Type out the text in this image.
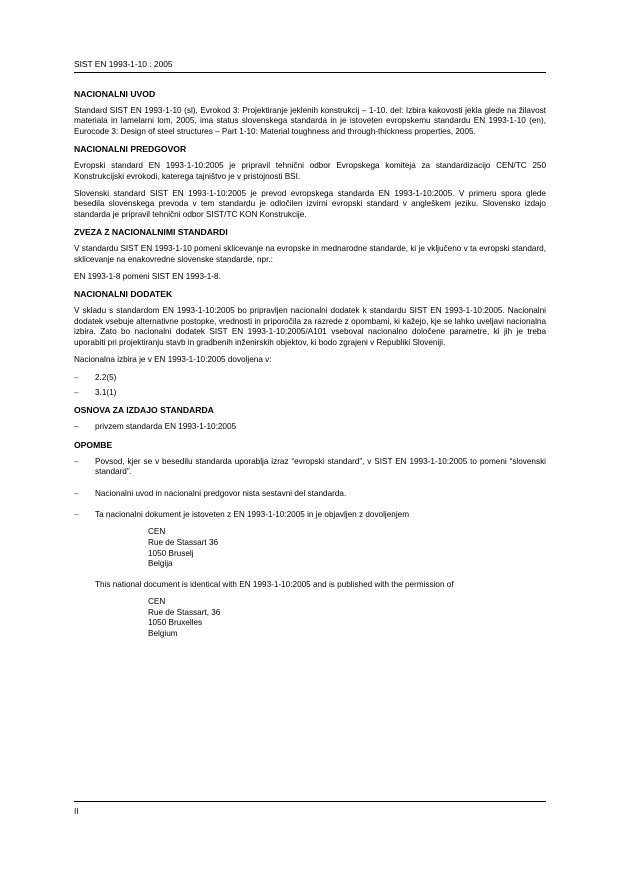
SIST EN 1993-1-10 : 2005
NACIONALNI UVOD

Standard SIST EN 1993-1-10 (sl), Evrokod 3: Projektiranje jeklenih konstrukcij – 1-10. del: Izbira kakovosti jekla glede na žilavost materiala in lamelarni lom, 2005, ima status slovenskega standarda in je istoveten evropskemu standardu EN 1993-1-10 (en), Eurocode 3: Design of steel structures – Part 1-10: Material toughness and through-thickness properties, 2005.

NACIONALNI PREDGOVOR

Evropski standard EN 1993-1-10:2005 je pripravil tehnični odbor Evropskega komiteja za standardizacijo CEN/TC 250 Konstrukcijski evrokodi, katerega tajništvo je v pristojnosti BSI.

Slovenski standard SIST EN 1993-1-10:2005 je prevod evropskega standarda EN 1993-1-10:2005. V primeru spora glede besedila slovenskega prevoda v tem standardu je odločilen izvirni evropski standard v angleškem jeziku. Slovensko izdajo standarda je pripravil tehnični odbor SIST/TC KON Konstrukcije.

ZVEZA Z NACIONALNIMI STANDARDI

V standardu SIST EN 1993-1-10 pomeni sklicevanje na evropske in mednarodne standarde, ki je vključeno v ta evropski standard, sklicevanje na enakovredne slovenske standarde, npr.:

EN 1993-1-8 pomeni SIST EN 1993-1-8.

NACIONALNI DODATEK

V skladu s standardom EN 1993-1-10:2005 bo pripravljen nacionalni dodatek k standardu SIST EN 1993-1-10:2005. Nacionalni dodatek vsebuje alternativne postopke, vrednosti in priporočila za razrede z opombami, ki kažejo, kje se lahko uveljavi nacionalna izbira. Zato bo nacionalni dodatek SIST EN 1993-1-10:2005/A101 vseboval nacionalno določene parametre, ki jih je treba uporabiti pri projektiranju stavb in gradbenih inženirskih objektov, ki bodo zgrajeni v Republiki Sloveniji.

Nacionalna izbira je v EN 1993-1-10:2005 dovoljena v:

– 2.2(5)
– 3.1(1)
OSNOVA ZA IZDAJO STANDARDA
– privzem standarda EN 1993-1-10:2005
OPOMBE
– Povsod, kjer se v besedilu standarda uporablja izraz “evropski standard”, v SIST EN 1993-1-10:2005 to pomeni “slovenski standard”.
– Nacionalni uvod in nacionalni predgovor nista sestavni del standarda.
– Ta nacionalni dokument je istoveten z EN 1993-1-10:2005 in je objavljen z dovoljenjem
CEN
Rue de Stassart 36
1050 Bruselj
Belgija

This national document is identical with EN 1993-1-10:2005 and is published with the permission of

CEN
Rue de Stassart, 36
1050 Bruxelles
Belgium
II
